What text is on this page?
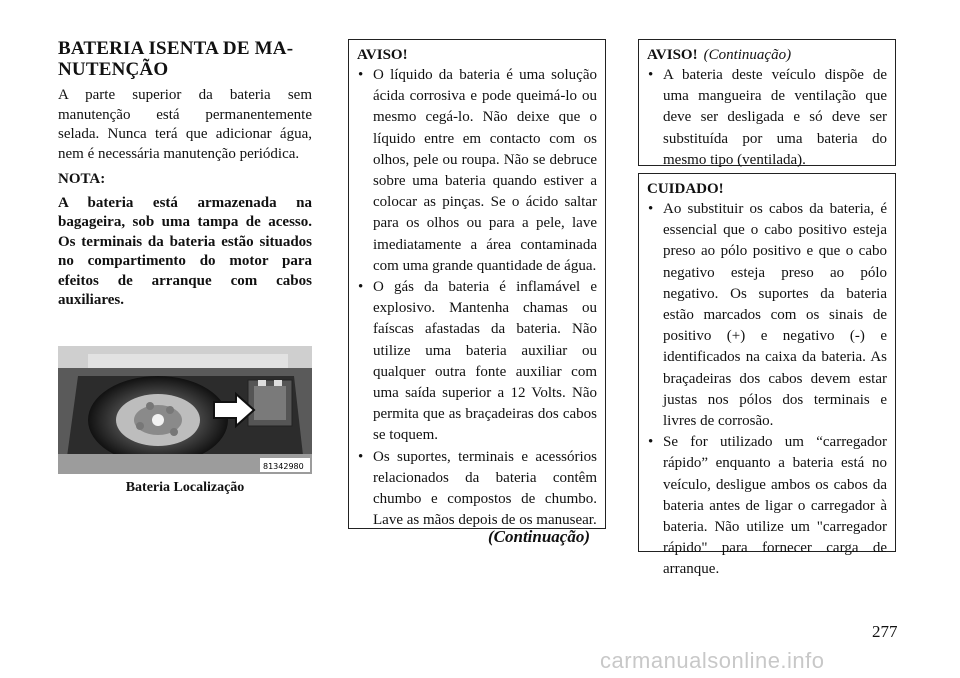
BATERIA ISENTA DE MA-
NUTENÇÃO

A parte superior da bateria sem manutenção está permanentemente selada. Nunca terá que adicionar água, nem é necessária manutenção periódica.

NOTA:

A bateria está armazenada na bagageira, sob uma tampa de acesso. Os terminais da bateria estão situados no compartimento do motor para efeitos de arranque com cabos auxiliares.

81342980
Bateria Localização
AVISO!
• O líquido da bateria é uma solução ácida corrosiva e pode queimá-lo ou mesmo cegá-lo. Não deixe que o líquido entre em contacto com os olhos, pele ou roupa. Não se debruce sobre uma bateria quando estiver a colocar as pinças. Se o ácido saltar para os olhos ou para a pele, lave imediatamente a área contaminada com uma grande quantidade de água.
• O gás da bateria é inflamável e explosivo. Mantenha chamas ou faíscas afastadas da bateria. Não utilize uma bateria auxiliar ou qualquer outra fonte auxiliar com uma saída superior a 12 Volts. Não permita que as braçadeiras dos cabos se toquem.
• Os suportes, terminais e acessórios relacionados da bateria contêm chumbo e compostos de chumbo. Lave as mãos depois de os manusear.
(Continuação)
AVISO! (Continuação)
• A bateria deste veículo dispõe de uma mangueira de ventilação que deve ser desligada e só deve ser substituída por uma bateria do mesmo tipo (ventilada).
CUIDADO!
• Ao substituir os cabos da bateria, é essencial que o cabo positivo esteja preso ao pólo positivo e que o cabo negativo esteja preso ao pólo negativo. Os suportes da bateria estão marcados com os sinais de positivo (+) e negativo (-) e identificados na caixa da bateria. As braçadeiras dos cabos devem estar justas nos pólos dos terminais e livres de corrosão.
• Se for utilizado um “carregador rápido” enquanto a bateria está no veículo, desligue ambos os cabos da bateria antes de ligar o carregador à bateria. Não utilize um "carregador rápido" para fornecer carga de arranque.
277
carmanualsonline.info
